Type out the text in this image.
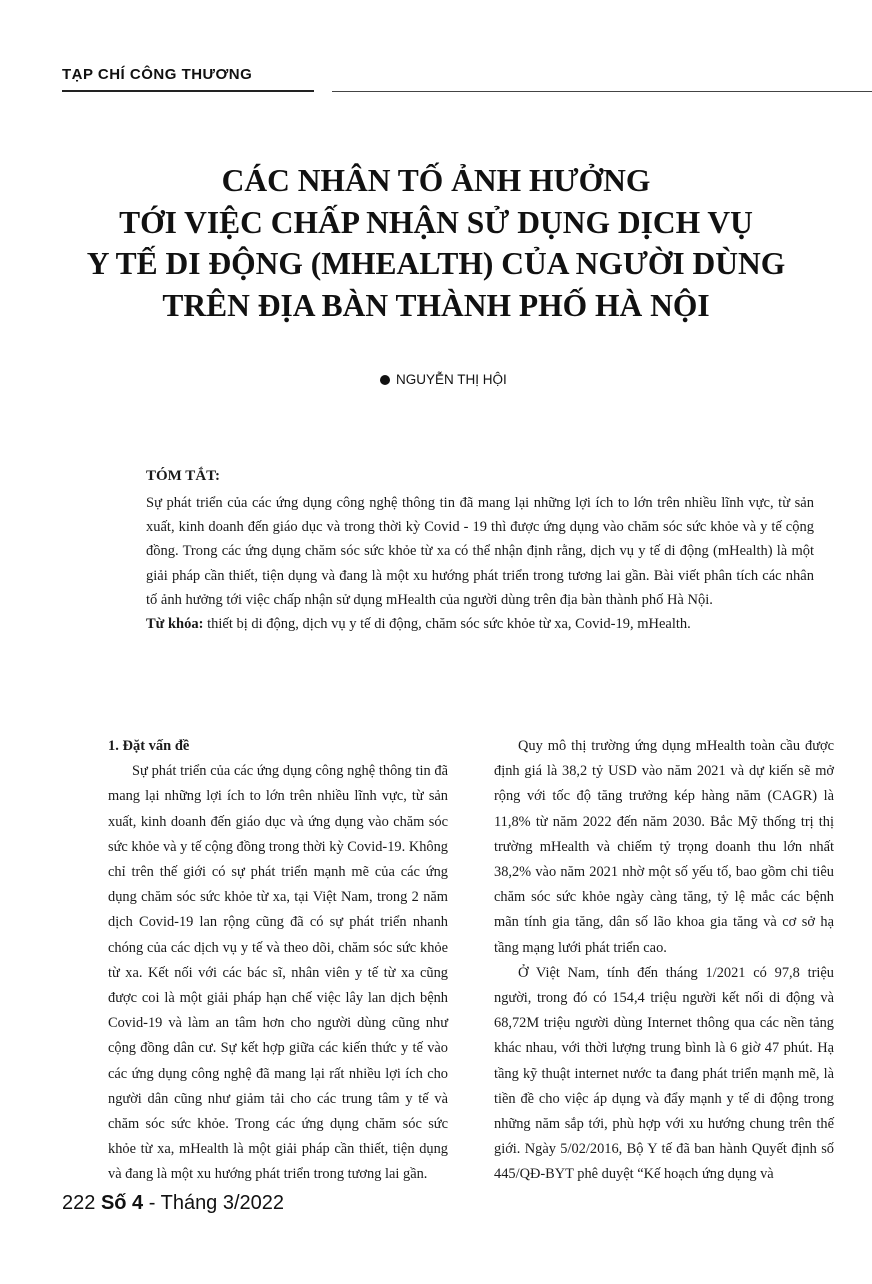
TẠP CHÍ CÔNG THƯƠNG
CÁC NHÂN TỐ ẢNH HƯỞNG
TỚI VIỆC CHẤP NHẬN SỬ DỤNG DỊCH VỤ
Y TẾ DI ĐỘNG (MHEALTH) CỦA NGƯỜI DÙNG
TRÊN ĐỊA BÀN THÀNH PHỐ HÀ NỘI
NGUYỄN THỊ HỘI
TÓM TẮT:

Sự phát triển của các ứng dụng công nghệ thông tin đã mang lại những lợi ích to lớn trên nhiều lĩnh vực, từ sản xuất, kinh doanh đến giáo dục và trong thời kỳ Covid - 19 thì được ứng dụng vào chăm sóc sức khỏe và y tế cộng đồng. Trong các ứng dụng chăm sóc sức khỏe từ xa có thể nhận định rằng, dịch vụ y tế di động (mHealth) là một giải pháp cần thiết, tiện dụng và đang là một xu hướng phát triển trong tương lai gần. Bài viết phân tích các nhân tố ảnh hưởng tới việc chấp nhận sử dụng mHealth của người dùng trên địa bàn thành phố Hà Nội.

Từ khóa: thiết bị di động, dịch vụ y tế di động, chăm sóc sức khỏe từ xa, Covid-19, mHealth.

1. Đặt vấn đề

Sự phát triển của các ứng dụng công nghệ thông tin đã mang lại những lợi ích to lớn trên nhiều lĩnh vực, từ sản xuất, kinh doanh đến giáo dục và ứng dụng vào chăm sóc sức khỏe và y tế cộng đồng trong thời kỳ Covid-19. Không chỉ trên thế giới có sự phát triển mạnh mẽ của các ứng dụng chăm sóc sức khỏe từ xa, tại Việt Nam, trong 2 năm dịch Covid-19 lan rộng cũng đã có sự phát triển nhanh chóng của các dịch vụ y tế và theo dõi, chăm sóc sức khỏe từ xa. Kết nối với các bác sĩ, nhân viên y tế từ xa cũng được coi là một giải pháp hạn chế việc lây lan dịch bệnh Covid-19 và làm an tâm hơn cho người dùng cũng như cộng đồng dân cư. Sự kết hợp giữa các kiến thức y tế vào các ứng dụng công nghệ đã mang lại rất nhiều lợi ích cho người dân cũng như giảm tải cho các trung tâm y tế và chăm sóc sức khỏe. Trong các ứng dụng chăm sóc sức khỏe từ xa, mHealth là một giải pháp cần thiết, tiện dụng và đang là một xu hướng phát triển trong tương lai gần.

Quy mô thị trường ứng dụng mHealth toàn cầu được định giá là 38,2 tỷ USD vào năm 2021 và dự kiến sẽ mở rộng với tốc độ tăng trưởng kép hàng năm (CAGR) là 11,8% từ năm 2022 đến năm 2030. Bắc Mỹ thống trị thị trường mHealth và chiếm tỷ trọng doanh thu lớn nhất 38,2% vào năm 2021 nhờ một số yếu tố, bao gồm chi tiêu chăm sóc sức khỏe ngày càng tăng, tỷ lệ mắc các bệnh mãn tính gia tăng, dân số lão khoa gia tăng và cơ sở hạ tầng mạng lưới phát triển cao.

Ở Việt Nam, tính đến tháng 1/2021 có 97,8 triệu người, trong đó có 154,4 triệu người kết nối di động và 68,72M triệu người dùng Internet thông qua các nền tảng khác nhau, với thời lượng trung bình là 6 giờ 47 phút. Hạ tầng kỹ thuật internet nước ta đang phát triển mạnh mẽ, là tiền đề cho việc áp dụng và đẩy mạnh y tế di động trong những năm sắp tới, phù hợp với xu hướng chung trên thế giới. Ngày 5/02/2016, Bộ Y tế đã ban hành Quyết định số 445/QĐ-BYT phê duyệt “Kế hoạch ứng dụng và

222 Số 4 - Tháng 3/2022
